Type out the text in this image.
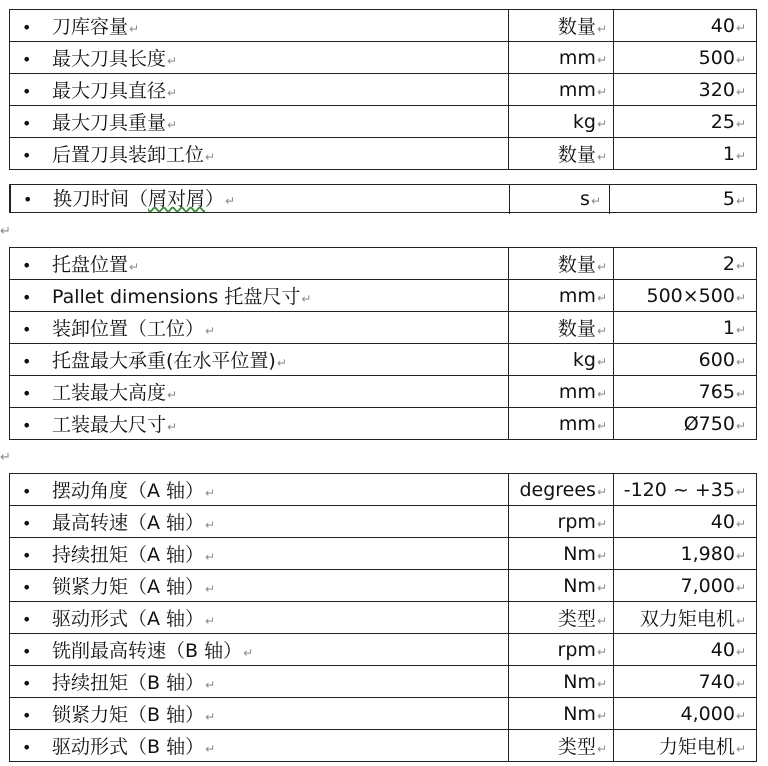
• 刀库容量↵	数量↵	40↵
• 最大刀具长度↵	mm↵	500↵
• 最大刀具直径↵	mm↵	320↵
• 最大刀具重量↵	kg↵	25↵
• 后置刀具装卸工位↵	数量↵	1↵
• 换刀时间（屑对屑）↵	s↵	5↵
↵
• 托盘位置↵	数量↵	2↵
• Pallet dimensions 托盘尺寸↵	mm↵	500×500↵
• 装卸位置（工位）↵	数量↵	1↵
• 托盘最大承重(在水平位置)↵	kg↵	600↵
• 工装最大高度↵	mm↵	765↵
• 工装最大尺寸↵	mm↵	Ø750↵
↵
• 摆动角度（A 轴）↵	degrees↵	-120 ~ +35↵
• 最高转速（A 轴）↵	rpm↵	40↵
• 持续扭矩（A 轴）↵	Nm↵	1,980↵
• 锁紧力矩（A 轴）↵	Nm↵	7,000↵
• 驱动形式（A 轴）↵	类型↵	双力矩电机↵
• 铣削最高转速（B 轴）↵	rpm↵	40↵
• 持续扭矩（B 轴）↵	Nm↵	740↵
• 锁紧力矩（B 轴）↵	Nm↵	4,000↵
• 驱动形式（B 轴）↵	类型↵	力矩电机↵
